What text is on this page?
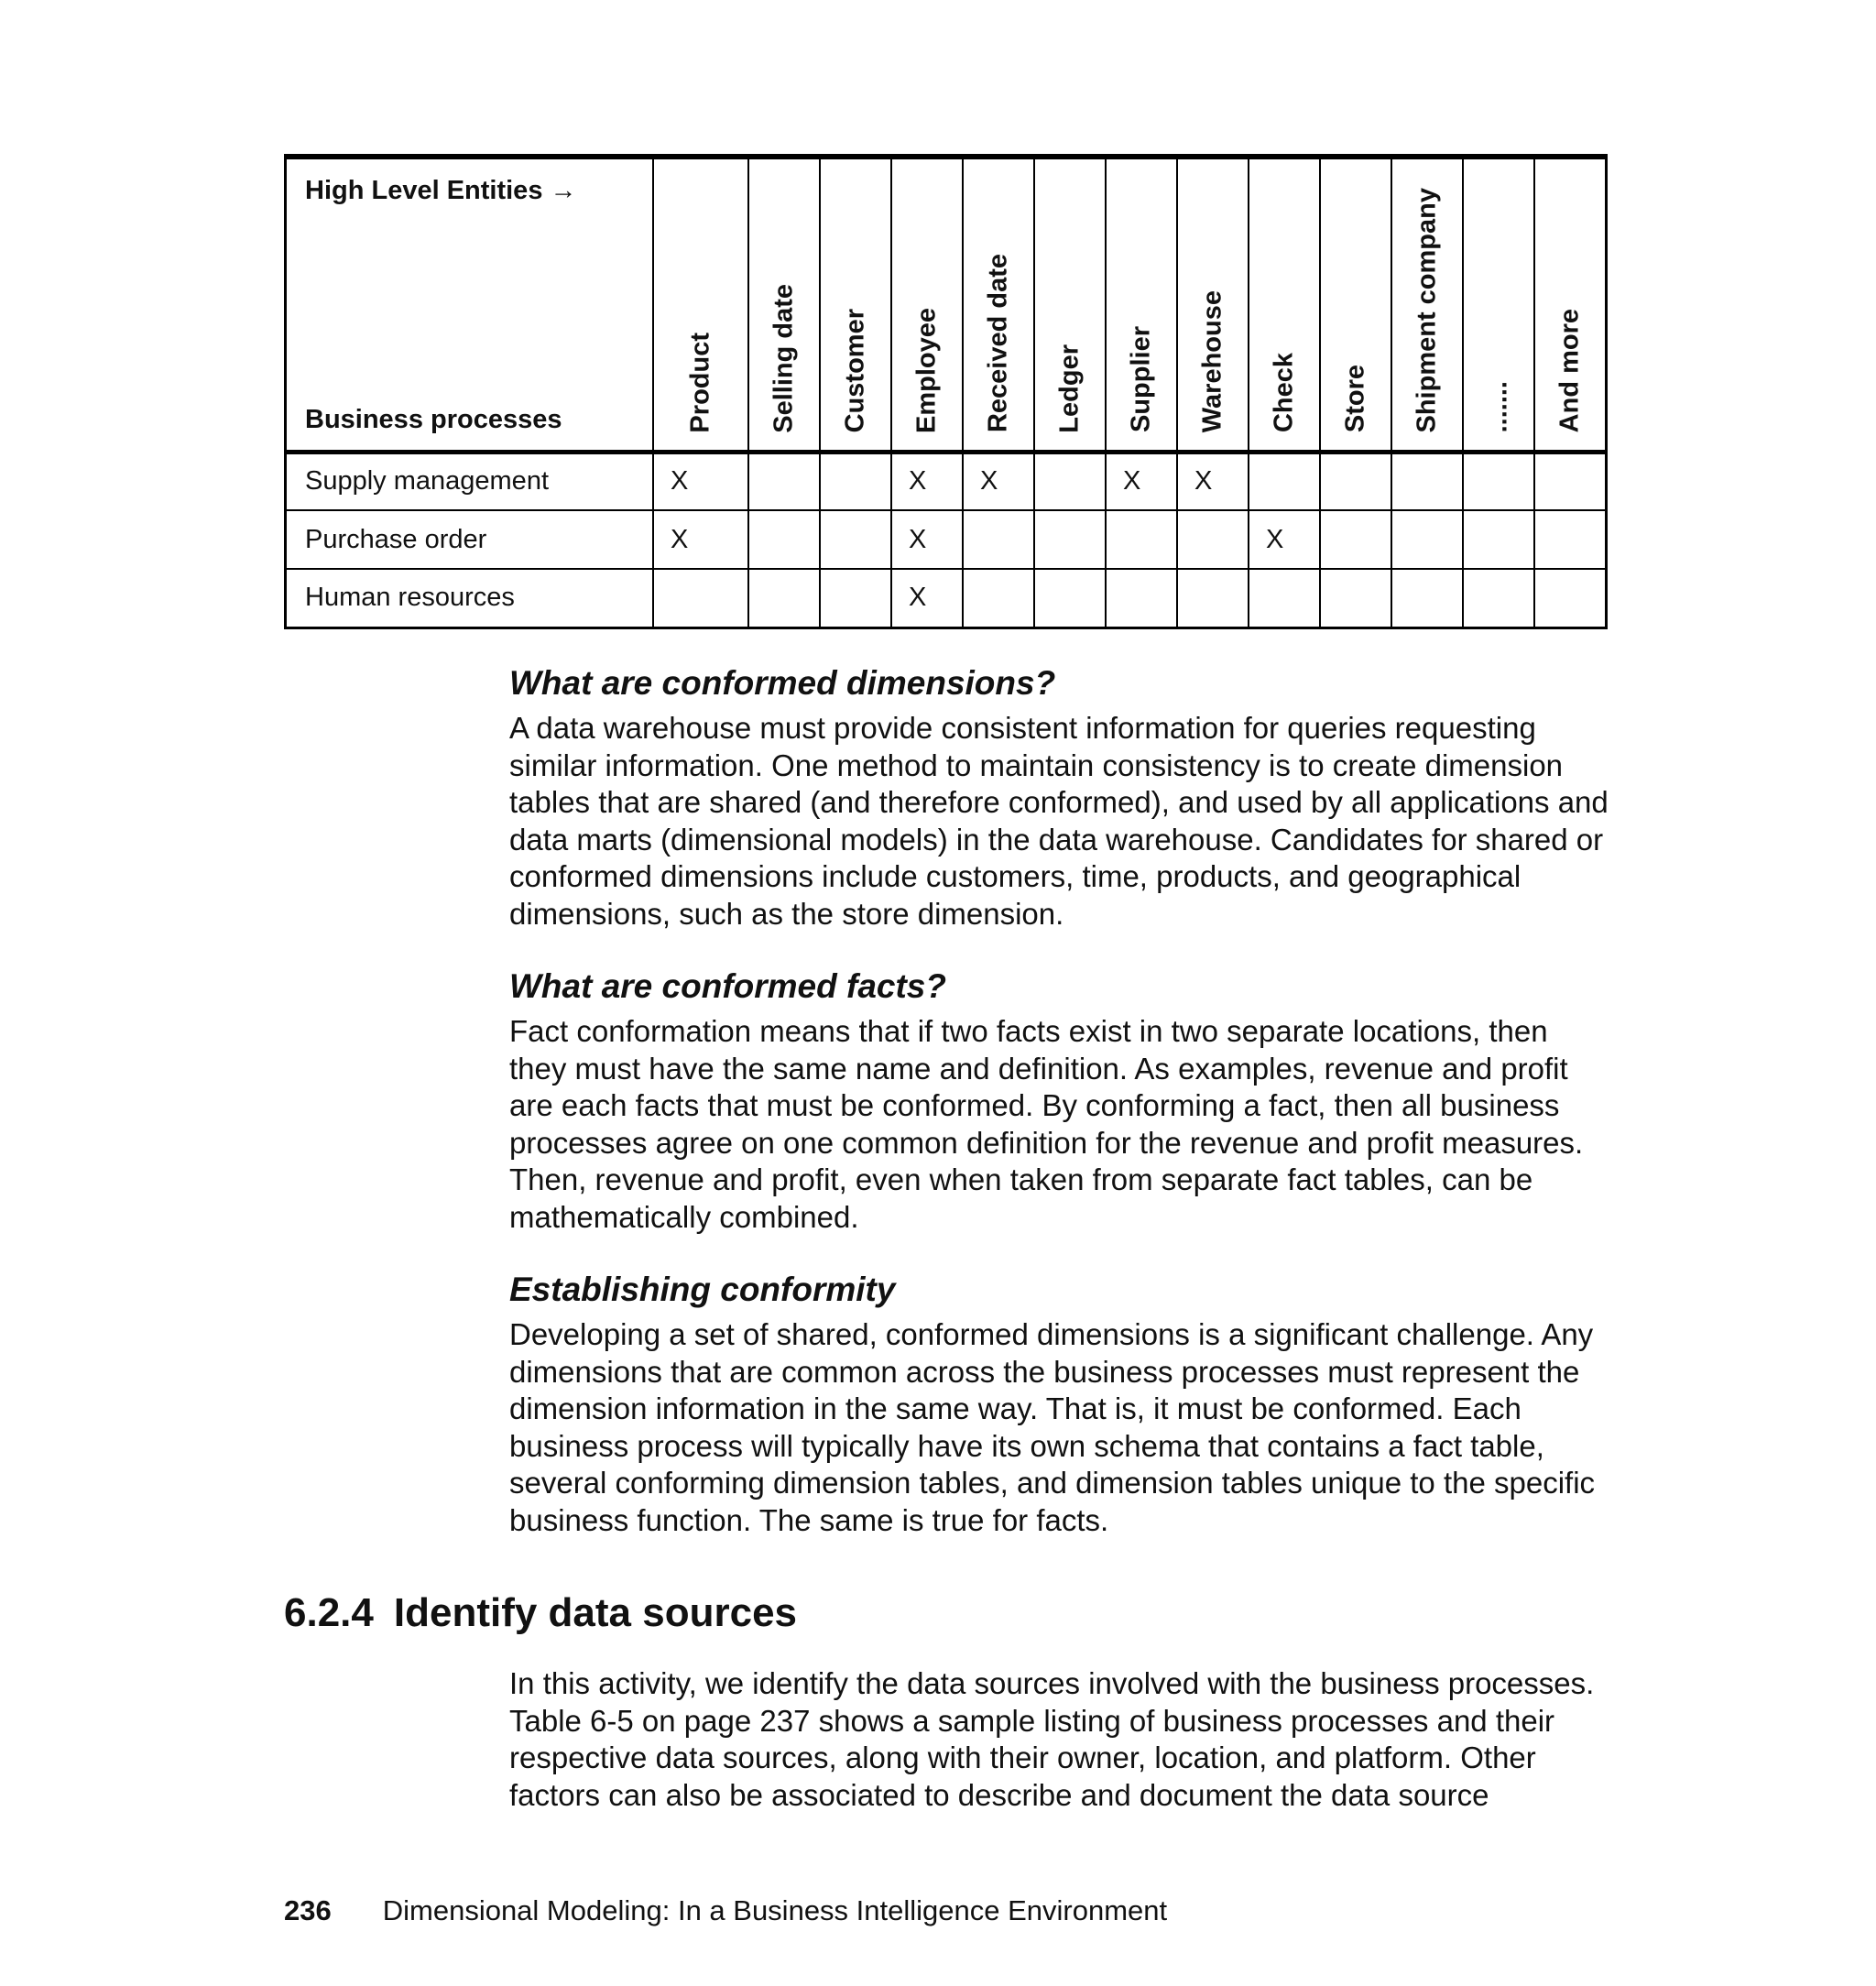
High Level Entities →
Business processes	Product	Selling date	Customer	Employee	Received date	Ledger	Supplier	Warehouse	Check	Store	Shipment company	.......	And more

Supply management	X			X	X		X	X					
Purchase order	X			X					X				
Human resources				X									
What are conformed dimensions?

A data warehouse must provide consistent information for queries requesting similar information. One method to maintain consistency is to create dimension tables that are shared (and therefore conformed), and used by all applications and data marts (dimensional models) in the data warehouse. Candidates for shared or conformed dimensions include customers, time, products, and geographical dimensions, such as the store dimension.

What are conformed facts?

Fact conformation means that if two facts exist in two separate locations, then they must have the same name and definition. As examples, revenue and profit are each facts that must be conformed. By conforming a fact, then all business processes agree on one common definition for the revenue and profit measures. Then, revenue and profit, even when taken from separate fact tables, can be mathematically combined.

Establishing conformity

Developing a set of shared, conformed dimensions is a significant challenge. Any dimensions that are common across the business processes must represent the dimension information in the same way. That is, it must be conformed. Each business process will typically have its own schema that contains a fact table, several conforming dimension tables, and dimension tables unique to the specific business function. The same is true for facts.

6.2.4 Identify data sources

In this activity, we identify the data sources involved with the business processes. Table 6-5 on page 237 shows a sample listing of business processes and their respective data sources, along with their owner, location, and platform. Other factors can also be associated to describe and document the data source

236 Dimensional Modeling: In a Business Intelligence Environment
